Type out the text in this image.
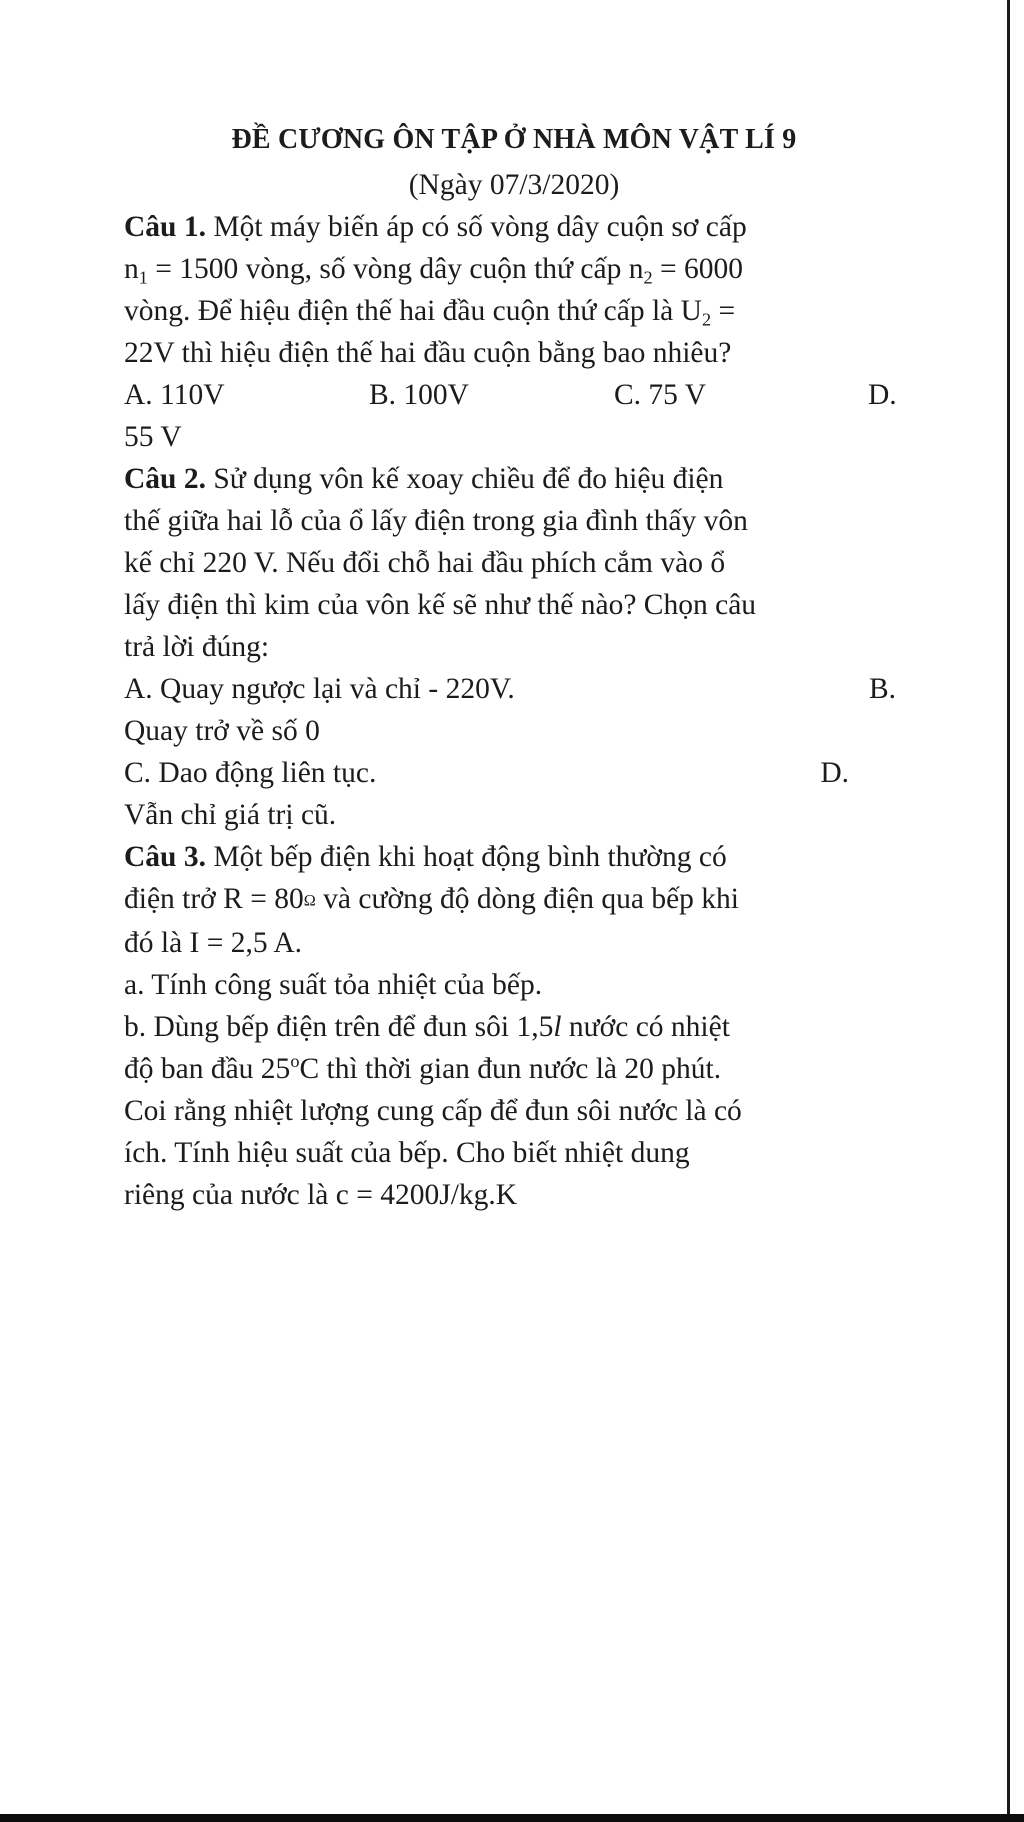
ĐỀ CƯƠNG ÔN TẬP Ở NHÀ MÔN VẬT LÍ 9
(Ngày 07/3/2020)
Câu 1. Một máy biến áp có số vòng dây cuộn sơ cấp
$n_1 = 1500$ vòng, số vòng dây cuộn thứ cấp $n_2 = 6000$
vòng. Để hiệu điện thế hai đầu cuộn thứ cấp là $U_2$ =
22V thì hiệu điện thế hai đầu cuộn bằng bao nhiêu?
A. 110V	B. 100V	C. 75 V	D.
55 V
Câu 2. Sử dụng vôn kế xoay chiều để đo hiệu điện
thế giữa hai lỗ của ổ lấy điện trong gia đình thấy vôn
kế chỉ 220 V. Nếu đổi chỗ hai đầu phích cắm vào ổ
lấy điện thì kim của vôn kế sẽ như thế nào? Chọn câu
trả lời đúng:
A. Quay ngược lại và chỉ - 220V.	B.
Quay trở về số 0
C. Dao động liên tục.	D.
Vẫn chỉ giá trị cũ.
Câu 3. Một bếp điện khi hoạt động bình thường có
điện trở R = 80Ω và cường độ dòng điện qua bếp khi
đó là I = 2,5 A.
a. Tính công suất tỏa nhiệt của bếp.
b. Dùng bếp điện trên để đun sôi 1,5l nước có nhiệt
độ ban đầu 25$^o$C thì thời gian đun nước là 20 phút.
Coi rằng nhiệt lượng cung cấp để đun sôi nước là có
ích. Tính hiệu suất của bếp. Cho biết nhiệt dung
riêng của nước là c = 4200J/kg.K
